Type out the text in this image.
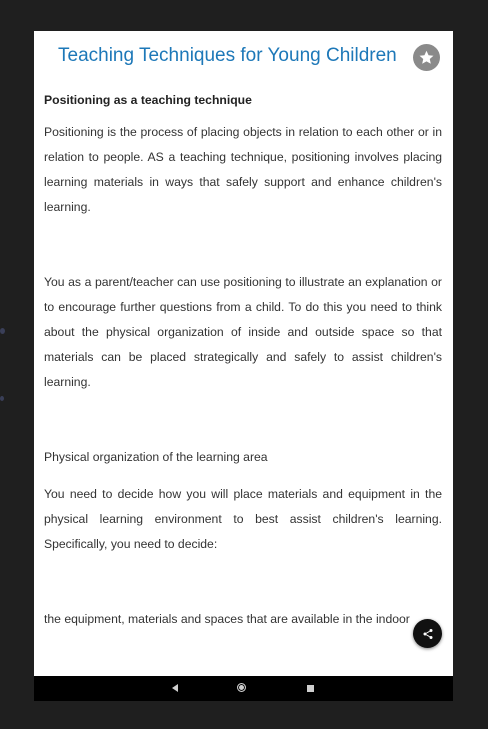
Teaching Techniques for Young Children

Positioning as a teaching technique

Positioning is the process of placing objects in relation to each other or in relation to people. AS a teaching technique, positioning involves placing learning materials in ways that safely support and enhance children's learning.

You as a parent/teacher can use positioning to illustrate an explanation or to encourage further questions from a child. To do this you need to think about the physical organization of inside and outside space so that materials can be placed strategically and safely to assist children's learning.

Physical organization of the learning area

You need to decide how you will place materials and equipment in the physical learning environment to best assist children's learning. Specifically, you need to decide:

the equipment, materials and spaces that are available in the indoor
